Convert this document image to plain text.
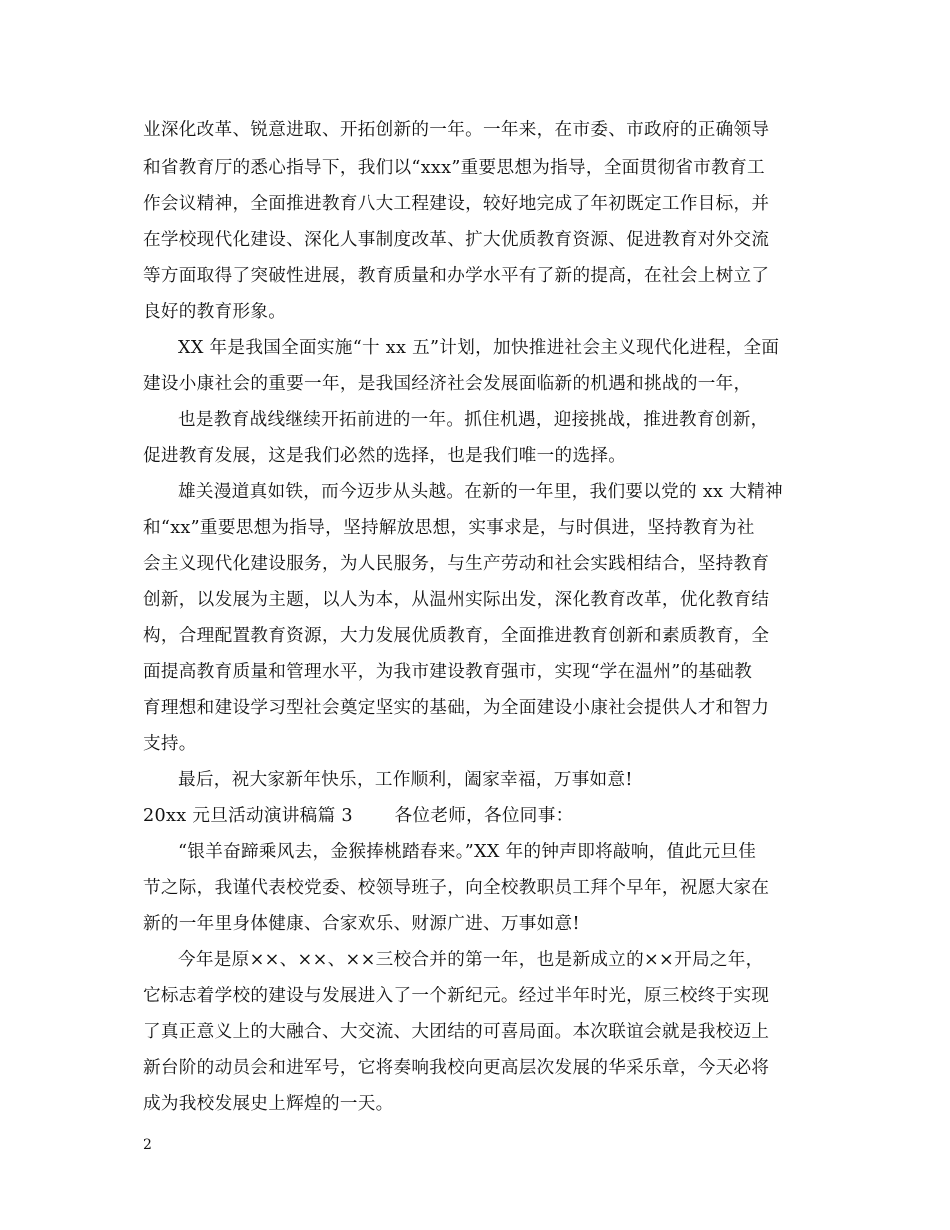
业深化改革、锐意进取、开拓创新的一年。一年来，在市委、市政府的正确领导
和省教育厅的悉心指导下，我们以“xxx”重要思想为指导，全面贯彻省市教育工
作会议精神，全面推进教育八大工程建设，较好地完成了年初既定工作目标，并
在学校现代化建设、深化人事制度改革、扩大优质教育资源、促进教育对外交流
等方面取得了突破性进展，教育质量和办学水平有了新的提高，在社会上树立了
良好的教育形象。
XX 年是我国全面实施“十 xx 五”计划，加快推进社会主义现代化进程，全面
建设小康社会的重要一年，是我国经济社会发展面临新的机遇和挑战的一年，
也是教育战线继续开拓前进的一年。抓住机遇，迎接挑战，推进教育创新，
促进教育发展，这是我们必然的选择，也是我们唯一的选择。
雄关漫道真如铁，而今迈步从头越。在新的一年里，我们要以党的 xx 大精神
和“xx”重要思想为指导，坚持解放思想，实事求是，与时俱进，坚持教育为社
会主义现代化建设服务，为人民服务，与生产劳动和社会实践相结合，坚持教育
创新，以发展为主题，以人为本，从温州实际出发，深化教育改革，优化教育结
构，合理配置教育资源，大力发展优质教育，全面推进教育创新和素质教育，全
面提高教育质量和管理水平，为我市建设教育强市，实现“学在温州”的基础教
育理想和建设学习型社会奠定坚实的基础，为全面建设小康社会提供人才和智力
支持。
最后，祝大家新年快乐，工作顺利，阖家幸福，万事如意!
20xx 元旦活动演讲稿篇 3　　 各位老师，各位同事：
“银羊奋蹄乘风去，金猴捧桃踏春来。”XX 年的钟声即将敲响，值此元旦佳
节之际，我谨代表校党委、校领导班子，向全校教职员工拜个早年，祝愿大家在
新的一年里身体健康、合家欢乐、财源广进、万事如意!
今年是原××、××、××三校合并的第一年，也是新成立的××开局之年，
它标志着学校的建设与发展进入了一个新纪元。经过半年时光，原三校终于实现
了真正意义上的大融合、大交流、大团结的可喜局面。本次联谊会就是我校迈上
新台阶的动员会和进军号，它将奏响我校向更高层次发展的华采乐章，今天必将
成为我校发展史上辉煌的一天。
2
